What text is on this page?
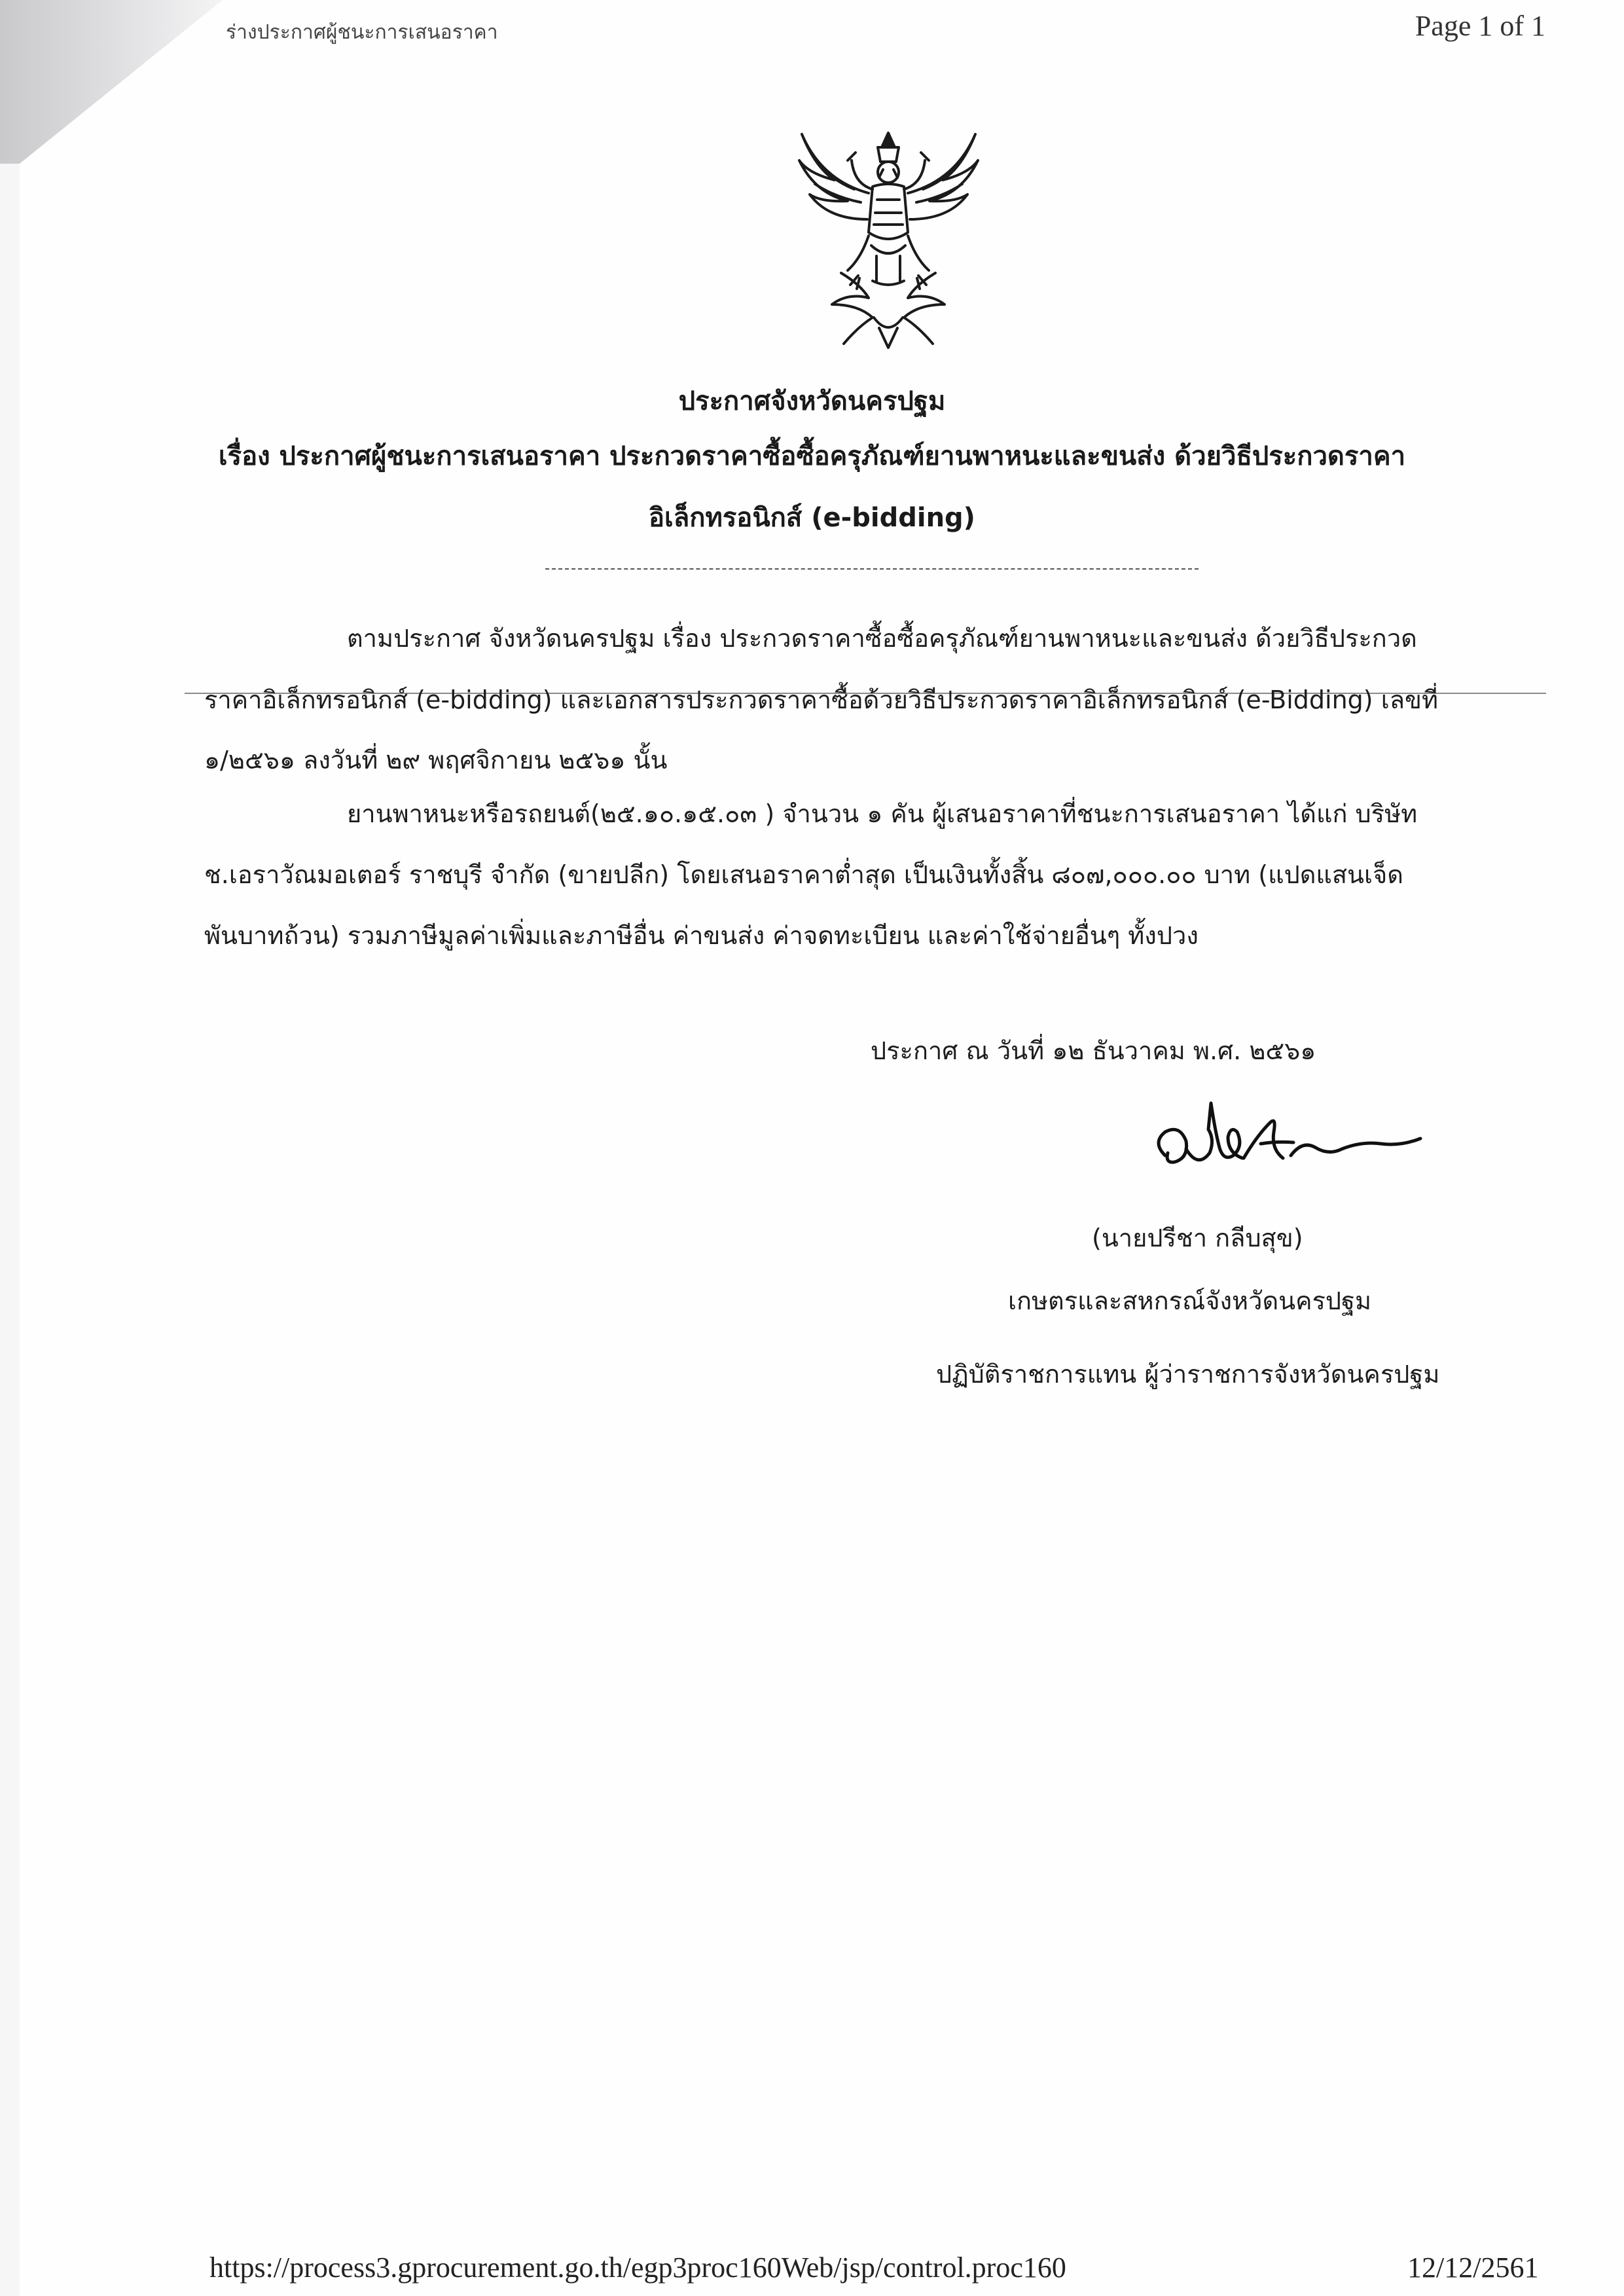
ร่างประกาศผู้ชนะการเสนอราคา	Page 1 of 1
ประกาศจังหวัดนครปฐม
เรื่อง ประกาศผู้ชนะการเสนอราคา ประกวดราคาซื้อซื้อครุภัณฑ์ยานพาหนะและขนส่ง ด้วยวิธีประกวดราคา
อิเล็กทรอนิกส์ (e-bidding)
ตามประกาศ จังหวัดนครปฐม เรื่อง ประกวดราคาซื้อซื้อครุภัณฑ์ยานพาหนะและขนส่ง ด้วยวิธีประกวด
ราคาอิเล็กทรอนิกส์ (e-bidding) และเอกสารประกวดราคาซื้อด้วยวิธีประกวดราคาอิเล็กทรอนิกส์ (e-Bidding) เลขที่
๑/๒๕๖๑ ลงวันที่ ๒๙ พฤศจิกายน ๒๕๖๑ นั้น
ยานพาหนะหรือรถยนต์(๒๕.๑๐.๑๕.๐๓ ) จำนวน ๑ คัน ผู้เสนอราคาที่ชนะการเสนอราคา ได้แก่ บริษัท
ช.เอราวัณมอเตอร์ ราชบุรี จำกัด (ขายปลีก) โดยเสนอราคาต่ำสุด เป็นเงินทั้งสิ้น ๘๐๗,๐๐๐.๐๐ บาท (แปดแสนเจ็ด
พันบาทถ้วน) รวมภาษีมูลค่าเพิ่มและภาษีอื่น ค่าขนส่ง ค่าจดทะเบียน และค่าใช้จ่ายอื่นๆ ทั้งปวง
ประกาศ ณ วันที่ ๑๒ ธันวาคม พ.ศ. ๒๕๖๑
(นายปรีชา กลีบสุข)
เกษตรและสหกรณ์จังหวัดนครปฐม
ปฏิบัติราชการแทน ผู้ว่าราชการจังหวัดนครปฐม
https://process3.gprocurement.go.th/egp3proc160Web/jsp/control.proc160	12/12/2561
